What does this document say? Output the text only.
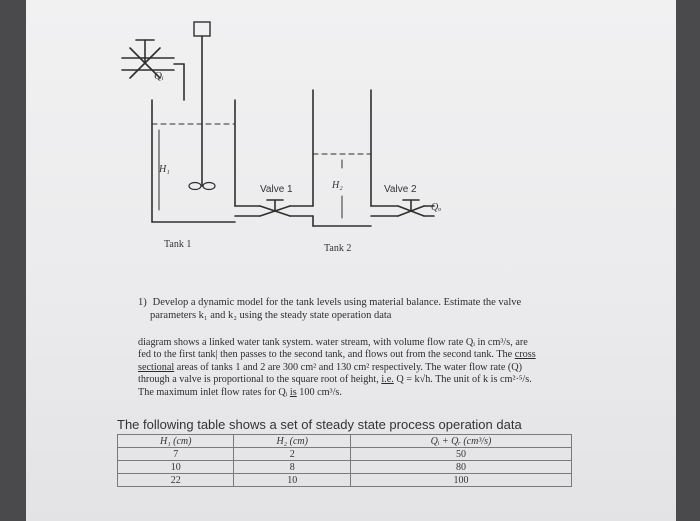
Qᵢ
H₁
Valve 1	H₂	Valve 2
Qₒ
Tank 1	Tank 2
1) Develop a dynamic model for the tank levels using material balance. Estimate the valve
parameters k₁ and k₂ using the steady state operation data
diagram shows a linked water tank system. water stream, with volume flow rate Qᵢ in cm³/s, are
fed to the first tank| then passes to the second tank, and flows out from the second tank. The cross
sectional areas of tanks 1 and 2 are 300 cm² and 130 cm² respectively. The water flow rate (Q)
through a valve is proportional to the square root of height, i.e. Q = k√h. The unit of k is cm²·⁵/s.
The maximum inlet flow rates for Qᵢ is 100 cm³/s.
The following table shows a set of steady state process operation data
H₁ (cm)	H₂ (cm)	Qᵢ + Qᵣ (cm³/s)
7	2	50
10	8	80
22	10	100
